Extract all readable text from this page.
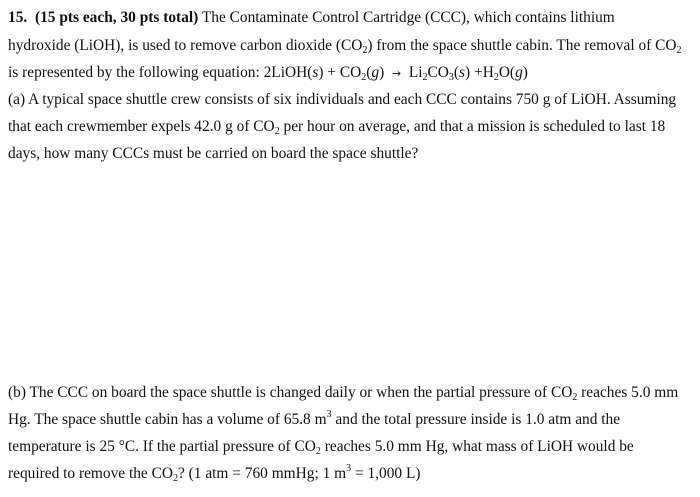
15. (15 pts each, 30 pts total) The Contaminate Control Cartridge (CCC), which contains lithium
hydroxide (LiOH), is used to remove carbon dioxide $(CO_2)$ from the space shuttle cabin. The removal of $CO_2$
is represented by the following equation: 2LiOH(s) + $CO_2(g) \to Li_2CO_3(s) +H_2O(g)$
(a) A typical space shuttle crew consists of six individuals and each CCC contains 750 g of LiOH. Assuming
that each crewmember expels 42.0 g of $CO_2$ per hour on average, and that a mission is scheduled to last 18
days, how many CCCs must be carried on board the space shuttle?
(b) The CCC on board the space shuttle is changed daily or when the partial pressure of $CO_2$ reaches 5.0 mm
Hg. The space shuttle cabin has a volume of 65.8 $m^3$ and the total pressure inside is 1.0 atm and the
temperature is 25 °C. If the partial pressure of $CO_2$ reaches 5.0 mm Hg, what mass of LiOH would be
required to remove the $CO_2$? (1 atm = 760 mmHg; 1 $m^3 = 1,000$ L)
